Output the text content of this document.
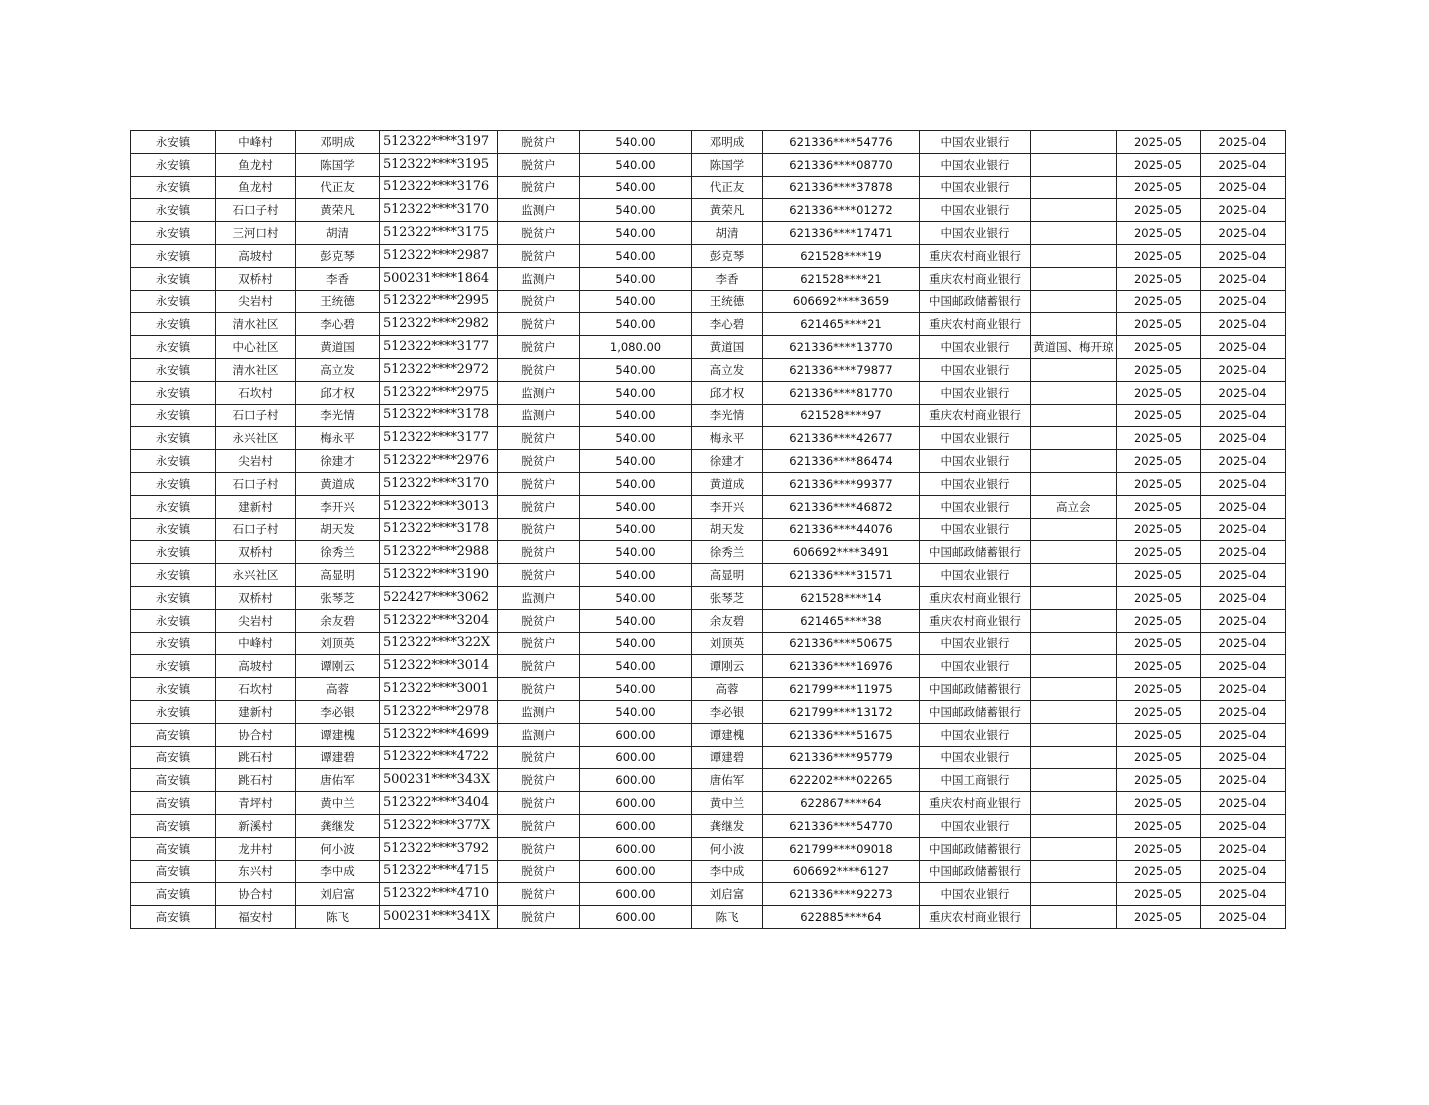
永安镇	中峰村	邓明成	512322****3197	脱贫户	540.00	邓明成	621336****54776	中国农业银行		2025-05	2025-04
永安镇	鱼龙村	陈国学	512322****3195	脱贫户	540.00	陈国学	621336****08770	中国农业银行		2025-05	2025-04
永安镇	鱼龙村	代正友	512322****3176	脱贫户	540.00	代正友	621336****37878	中国农业银行		2025-05	2025-04
永安镇	石口子村	黄荣凡	512322****3170	监测户	540.00	黄荣凡	621336****01272	中国农业银行		2025-05	2025-04
永安镇	三河口村	胡清	512322****3175	脱贫户	540.00	胡清	621336****17471	中国农业银行		2025-05	2025-04
永安镇	高坡村	彭克琴	512322****2987	脱贫户	540.00	彭克琴	621528****19	重庆农村商业银行		2025-05	2025-04
永安镇	双桥村	李香	500231****1864	监测户	540.00	李香	621528****21	重庆农村商业银行		2025-05	2025-04
永安镇	尖岩村	王统德	512322****2995	脱贫户	540.00	王统德	606692****3659	中国邮政储蓄银行		2025-05	2025-04
永安镇	清水社区	李心碧	512322****2982	脱贫户	540.00	李心碧	621465****21	重庆农村商业银行		2025-05	2025-04
永安镇	中心社区	黄道国	512322****3177	脱贫户	1,080.00	黄道国	621336****13770	中国农业银行	黄道国、梅开琼	2025-05	2025-04
永安镇	清水社区	高立发	512322****2972	脱贫户	540.00	高立发	621336****79877	中国农业银行		2025-05	2025-04
永安镇	石坎村	邱才权	512322****2975	监测户	540.00	邱才权	621336****81770	中国农业银行		2025-05	2025-04
永安镇	石口子村	李光情	512322****3178	监测户	540.00	李光情	621528****97	重庆农村商业银行		2025-05	2025-04
永安镇	永兴社区	梅永平	512322****3177	脱贫户	540.00	梅永平	621336****42677	中国农业银行		2025-05	2025-04
永安镇	尖岩村	徐建才	512322****2976	脱贫户	540.00	徐建才	621336****86474	中国农业银行		2025-05	2025-04
永安镇	石口子村	黄道成	512322****3170	脱贫户	540.00	黄道成	621336****99377	中国农业银行		2025-05	2025-04
永安镇	建新村	李开兴	512322****3013	脱贫户	540.00	李开兴	621336****46872	中国农业银行	高立会	2025-05	2025-04
永安镇	石口子村	胡天发	512322****3178	脱贫户	540.00	胡天发	621336****44076	中国农业银行		2025-05	2025-04
永安镇	双桥村	徐秀兰	512322****2988	脱贫户	540.00	徐秀兰	606692****3491	中国邮政储蓄银行		2025-05	2025-04
永安镇	永兴社区	高显明	512322****3190	脱贫户	540.00	高显明	621336****31571	中国农业银行		2025-05	2025-04
永安镇	双桥村	张琴芝	522427****3062	监测户	540.00	张琴芝	621528****14	重庆农村商业银行		2025-05	2025-04
永安镇	尖岩村	余友碧	512322****3204	脱贫户	540.00	余友碧	621465****38	重庆农村商业银行		2025-05	2025-04
永安镇	中峰村	刘顶英	512322****322X	脱贫户	540.00	刘顶英	621336****50675	中国农业银行		2025-05	2025-04
永安镇	高坡村	谭刚云	512322****3014	脱贫户	540.00	谭刚云	621336****16976	中国农业银行		2025-05	2025-04
永安镇	石坎村	高蓉	512322****3001	脱贫户	540.00	高蓉	621799****11975	中国邮政储蓄银行		2025-05	2025-04
永安镇	建新村	李必银	512322****2978	监测户	540.00	李必银	621799****13172	中国邮政储蓄银行		2025-05	2025-04
高安镇	协合村	谭建槐	512322****4699	监测户	600.00	谭建槐	621336****51675	中国农业银行		2025-05	2025-04
高安镇	跳石村	谭建碧	512322****4722	脱贫户	600.00	谭建碧	621336****95779	中国农业银行		2025-05	2025-04
高安镇	跳石村	唐佑军	500231****343X	脱贫户	600.00	唐佑军	622202****02265	中国工商银行		2025-05	2025-04
高安镇	青坪村	黄中兰	512322****3404	脱贫户	600.00	黄中兰	622867****64	重庆农村商业银行		2025-05	2025-04
高安镇	新溪村	龚继发	512322****377X	脱贫户	600.00	龚继发	621336****54770	中国农业银行		2025-05	2025-04
高安镇	龙井村	何小波	512322****3792	脱贫户	600.00	何小波	621799****09018	中国邮政储蓄银行		2025-05	2025-04
高安镇	东兴村	李中成	512322****4715	脱贫户	600.00	李中成	606692****6127	中国邮政储蓄银行		2025-05	2025-04
高安镇	协合村	刘启富	512322****4710	脱贫户	600.00	刘启富	621336****92273	中国农业银行		2025-05	2025-04
高安镇	福安村	陈飞	500231****341X	脱贫户	600.00	陈飞	622885****64	重庆农村商业银行		2025-05	2025-04
